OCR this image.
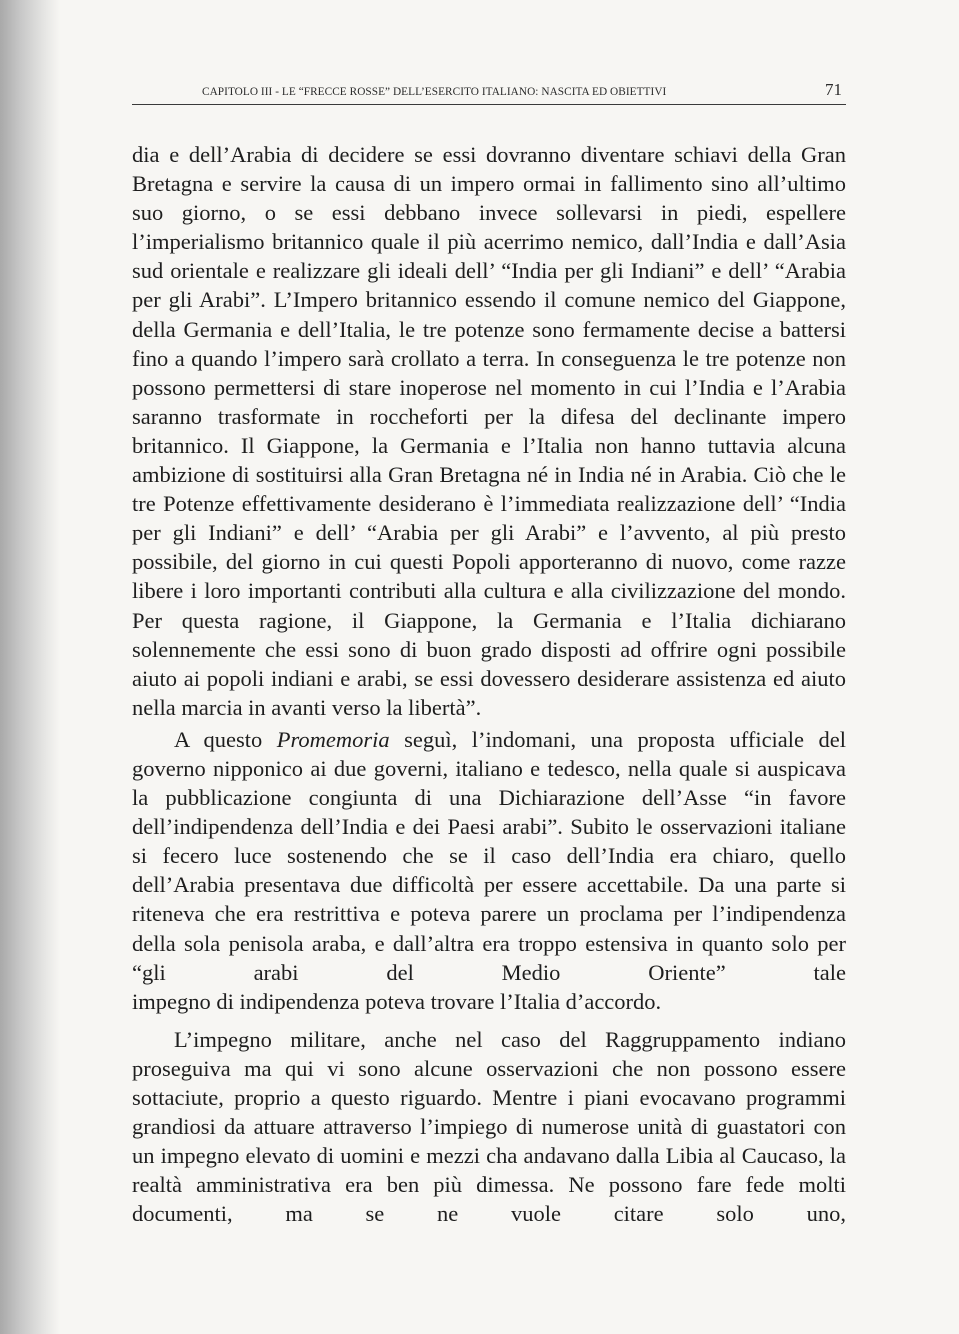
CAPITOLO III - LE “FRECCE ROSSE” DELL’ESERCITO ITALIANO: NASCITA ED OBIETTIVI	71

dia e dell’Arabia di decidere se essi dovranno diventare schiavi della Gran Bretagna e servire la causa di un impero ormai in fallimento sino all’ultimo suo giorno, o se essi debbano invece sollevarsi in piedi, espellere l’imperialismo britannico quale il più acerrimo nemico, dall’India e dall’Asia sud orientale e realizzare gli ideali dell’ “India per gli Indiani” e dell’ “Arabia per gli Arabi”. L’Impero britannico essendo il comune nemico del Giappone, della Germania e dell’Italia, le tre potenze sono fermamente decise a battersi fino a quando l’impero sarà crollato a terra. In conseguenza le tre potenze non possono permettersi di stare inoperose nel momento in cui l’India e l’Arabia saranno trasformate in roccheforti per la difesa del declinante impero britannico. Il Giappone, la Germania e l’Italia non hanno tuttavia alcuna ambizione di sostituirsi alla Gran Bretagna né in India né in Arabia. Ciò che le tre Potenze effettivamente desiderano è l’immediata realizzazione dell’ “India per gli Indiani” e dell’ “Arabia per gli Arabi” e l’avvento, al più presto possibile, del giorno in cui questi Popoli apporteranno di nuovo, come razze libere i loro importanti contributi alla cultura e alla civilizzazione del mondo. Per questa ragione, il Giappone, la Germania e l’Italia dichiarano solennemente che essi sono di buon grado disposti ad offrire ogni possibile aiuto ai popoli indiani e arabi, se essi dovessero desiderare assistenza ed aiuto

nella marcia in avanti verso la libertà”.

A questo Promemoria seguì, l’indomani, una proposta ufficiale del governo nipponico ai due governi, italiano e tedesco, nella quale si auspicava la pubblicazione congiunta di una Dichiarazione dell’Asse “in favore dell’indipendenza dell’India e dei Paesi arabi”. Subito le osservazioni italiane si fecero luce sostenendo che se il caso dell’India era chiaro, quello dell’Arabia presentava due difficoltà per essere accettabile. Da una parte si riteneva che era restrittiva e poteva parere un proclama per l’indipendenza della sola penisola araba, e dall’altra era troppo estensiva in quanto solo per “gli arabi del Medio Oriente” tale

impegno di indipendenza poteva trovare l’Italia d’accordo.

L’impegno militare, anche nel caso del Raggruppamento indiano proseguiva ma qui vi sono alcune osservazioni che non possono essere sottaciute, proprio a questo riguardo. Mentre i piani evocavano programmi grandiosi da attuare attraverso l’impiego di numerose unità di guastatori con un impegno elevato di uomini e mezzi cha andavano dalla Libia al Caucaso, la realtà amministrativa era ben più dimessa. Ne possono fare fede molti documenti, ma se ne vuole citare solo uno,
